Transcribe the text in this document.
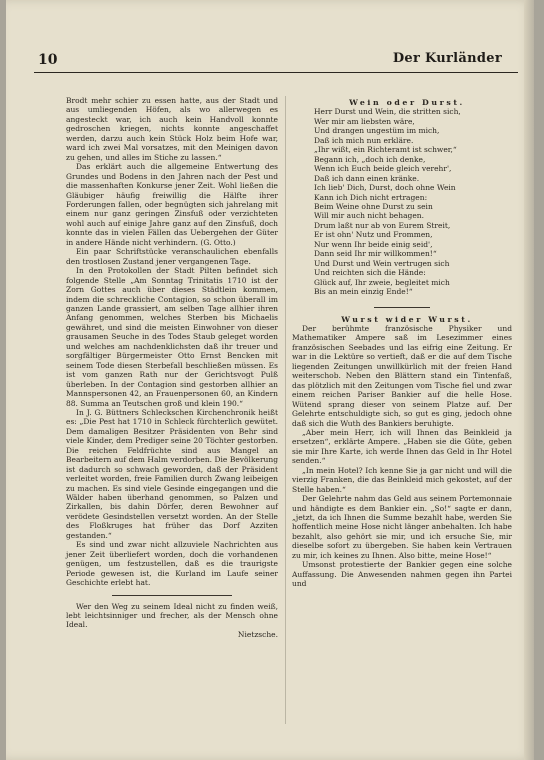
10	Der Kurländer

Brodt mehr schier zu essen hatte, aus der Stadt und aus umliegenden Höfen, als wo allerwegen es angesteckt war, ich auch kein Handvoll konnte gedroschen kriegen, nichts konnte angeschaffet werden, darzu auch kein Stück Holz beim Hofe war, ward ich zwei Mal vorsatzes, mit den Meinigen davon zu gehen, und alles im Stiche zu lassen.“

Das erklärt auch die allgemeine Entwertung des Grundes und Bodens in den Jahren nach der Pest und die massenhaften Konkurse jener Zeit. Wohl ließen die Gläubiger häufig freiwillig die Hälfte ihrer Forderungen fallen, oder begnügten sich jahrelang mit einem nur ganz geringen Zinsfuß oder verzichteten wohl auch auf einige Jahre ganz auf den Zinsfuß, doch konnte das in vielen Fällen das Uebergehen der Güter in andere Hände nicht verhindern. (G. Otto.)

Ein paar Schriftstücke veranschaulichen ebenfalls den trostlosen Zustand jener vergangenen Tage.

In den Protokollen der Stadt Pilten befindet sich folgende Stelle „Am Sonntag Trinitatis 1710 ist der Zorn Gottes auch über dieses Städtlein kommen, indem die schreckliche Contagion, so schon überall im ganzen Lande grassiert, am selben Tage allhier ihren Anfang genommen, welches Sterben bis Michaelis gewähret, und sind die meisten Einwohner von dieser grausamen Seuche in des Todes Staub geleget worden und welches am nachdenklichsten daß ihr treuer und sorgfältiger Bürgermeister Otto Ernst Bencken mit seinem Tode diesen Sterbefall beschließen müssen. Es ist vom ganzen Rath nur der Gerichtsvogt Pulß überleben. In der Contagion sind gestorben allhier an Mannspersonen 42, an Frauenpersonen 60, an Kindern 88. Summa an Teutschen groß und klein 190.“

In J. G. Büttners Schleckschen Kirchenchronik heißt es: „Die Pest hat 1710 in Schleck fürchterlich gewütet. Dem damaligen Besitzer Präsidenten von Behr sind viele Kinder, dem Prediger seine 20 Töchter gestorben. Die reichen Feldfrüchte sind aus Mangel an Bearbeitern auf dem Halm verdorben. Die Bevölkerung ist dadurch so schwach geworden, daß der Präsident verleitet worden, freie Familien durch Zwang leibeigen zu machen. Es sind viele Gesinde eingegangen und die Wälder haben überhand genommen, so Palzen und Zirkallen, bis dahin Dörfer, deren Bewohner auf verödete Gesindstellen versetzt worden. An der Stelle des Floßkruges hat früher das Dorf Azziten gestanden.“

Es sind und zwar nicht allzuviele Nachrichten aus jener Zeit überliefert worden, doch die vorhandenen genügen, um festzustellen, daß es die traurigste Periode gewesen ist, die Kurland im Laufe seiner Geschichte erlebt hat.

Wer den Weg zu seinem Ideal nicht zu finden weiß, lebt leichtsinniger und frecher, als der Mensch ohne Ideal.

Nietzsche.

Wein oder Durst.

Herr Durst und Wein, die stritten sich,
Wer mir am liebsten wäre,
Und drangen ungestüm im mich,
Daß ich mich nun erkläre.
„Ihr wißt, ein Richteramt ist schwer,“
Begann ich, „doch ich denke,
Wenn ich Euch beide gleich verehr',
Daß ich dann einen kränke.
Ich lieb' Dich, Durst, doch ohne Wein
Kann ich Dich nicht ertragen:
Beim Weine ohne Durst zu sein
Will mir auch nicht behagen.
Drum laßt nur ab von Eurem Streit,
Er ist ohn' Nutz und Frommen,
Nur wenn Ihr beide einig seid',
Dann seid Ihr mir willkommen!“
Und Durst und Wein vertrugen sich
Und reichten sich die Hände:
Glück auf, Ihr zweie, begleitet mich
Bis an mein einzig Ende!“

Wurst wider Wurst.

Der berühmte französische Physiker und Mathematiker Ampere saß im Lesezimmer eines französischen Seebades und las eifrig eine Zeitung. Er war in die Lektüre so vertieft, daß er die auf dem Tische liegenden Zeitungen unwillkürlich mit der freien Hand weiterschob. Neben den Blättern stand ein Tintenfaß, das plötzlich mit den Zeitungen vom Tische fiel und zwar einem reichen Pariser Bankier auf die helle Hose. Wütend sprang dieser von seinem Platze auf. Der Gelehrte entschuldigte sich, so gut es ging, jedoch ohne daß sich die Wuth des Bankiers beruhigte.

„Aber mein Herr, ich will Ihnen das Beinkleid ja ersetzen“, erklärte Ampere. „Haben sie die Güte, geben sie mir Ihre Karte, ich werde Ihnen das Geld in Ihr Hotel senden.“

„In mein Hotel? Ich kenne Sie ja gar nicht und will die vierzig Franken, die das Beinkleid mich gekostet, auf der Stelle haben.“

Der Gelehrte nahm das Geld aus seinem Portemonnaie und händigte es dem Bankier ein. „So!“ sagte er dann, „jetzt, da ich Ihnen die Summe bezahlt habe, werden Sie hoffentlich meine Hose nicht länger anbehalten. Ich habe bezahlt, also gehört sie mir, und ich ersuche Sie, mir dieselbe sofort zu übergeben. Sie haben kein Vertrauen zu mir, ich keines zu Ihnen. Also bitte, meine Hose!“

Umsonst protestierte der Bankier gegen eine solche Auffassung. Die Anwesenden nahmen gegen ihn Partei und
